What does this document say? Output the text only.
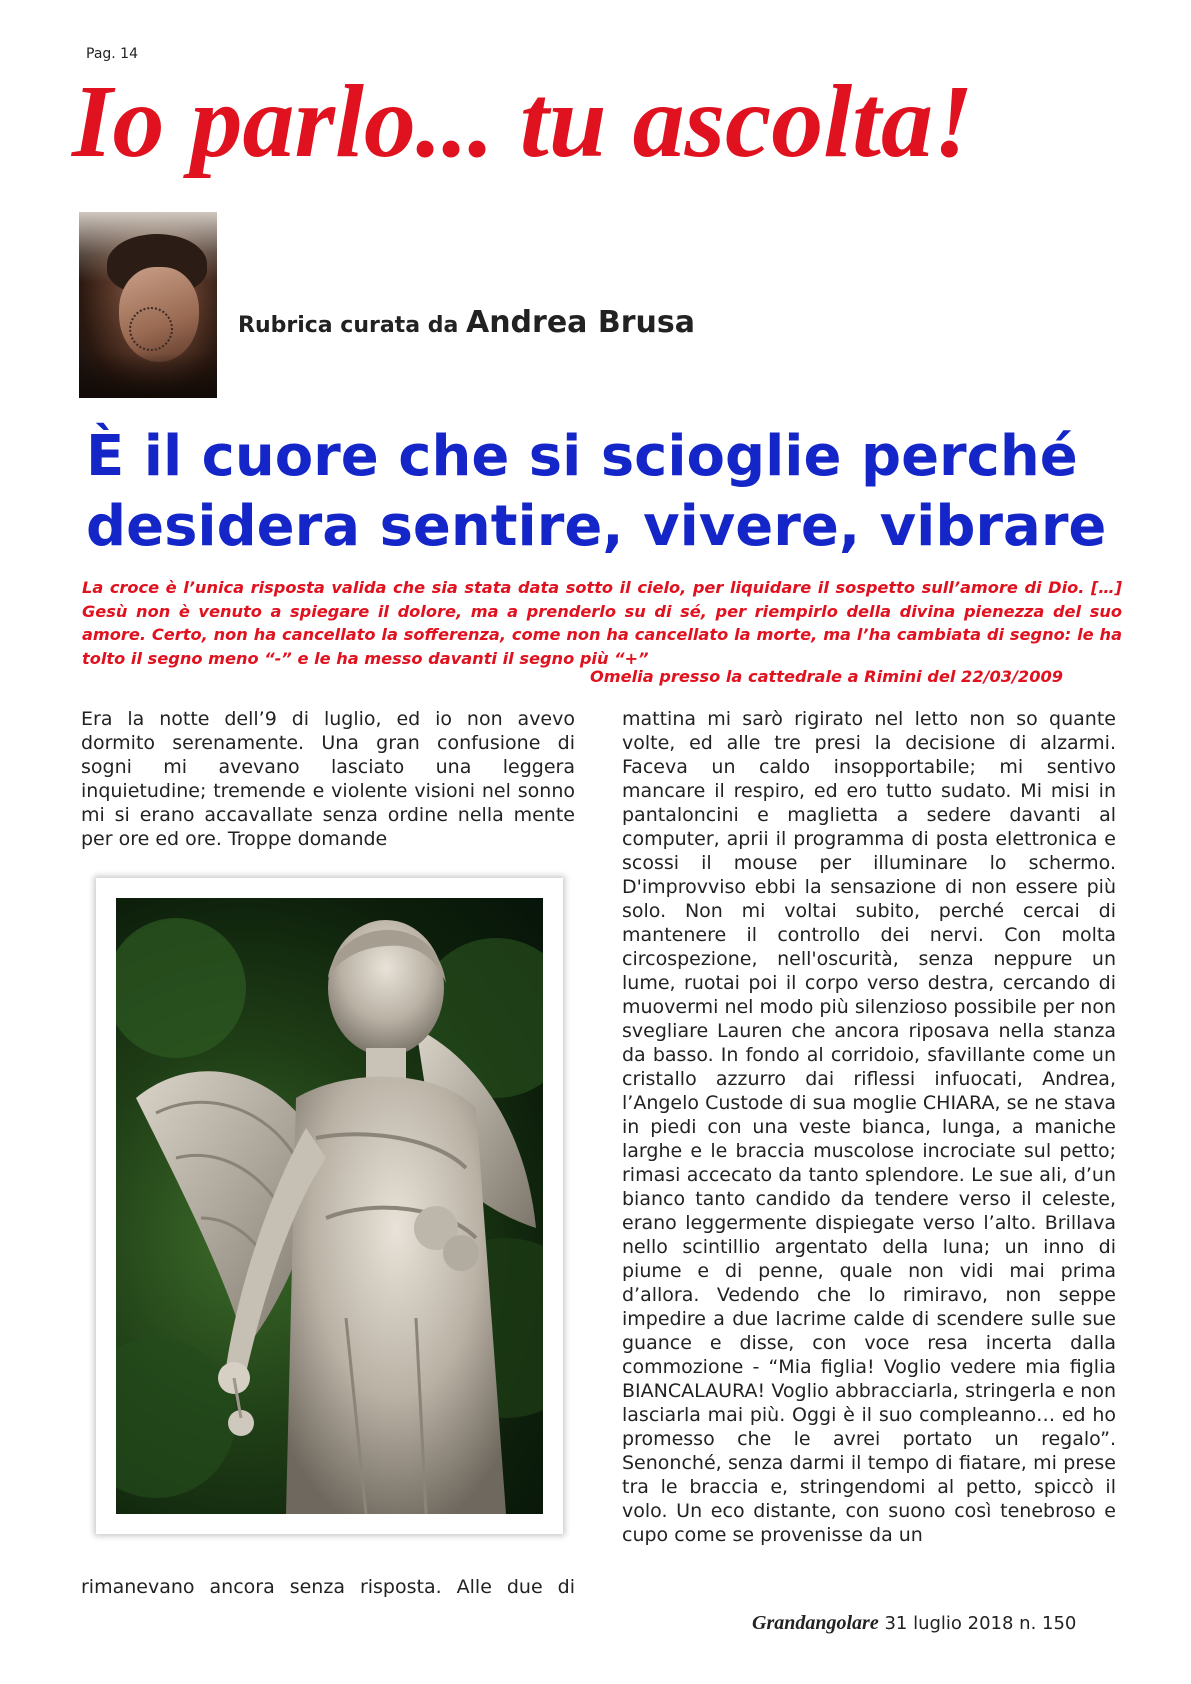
Pag. 14
Io parlo... tu ascolta!
Rubrica curata da Andrea Brusa
È il cuore che si scioglie perché
desidera sentire, vivere, vibrare

La croce è l’unica risposta valida che sia stata data sotto il cielo, per liquidare il sospetto sull’amore di Dio. […] Gesù non è venuto a spiegare il dolore, ma a prenderlo su di sé, per riempirlo della divina pienezza del suo amore. Certo, non ha cancellato la sofferenza, come non ha cancellato la morte, ma l’ha cambiata di segno: le ha tolto il segno meno “-” e le ha messo davanti il segno più “+”

Omelia presso la cattedrale a Rimini del 22/03/2009

Era la notte dell’9 di luglio, ed io non avevo dormito serenamente. Una gran confusione di sogni mi avevano lasciato una leggera inquietudine; tremende e violente visioni nel sonno mi si erano accavallate senza ordine nella mente per ore ed ore. Troppe domande

rimanevano ancora senza risposta. Alle due di

mattina mi sarò rigirato nel letto non so quante volte, ed alle tre presi la decisione di alzarmi. Faceva un caldo insopportabile; mi sentivo mancare il respiro, ed ero tutto sudato. Mi misi in pantaloncini e maglietta a sedere davanti al computer, aprii il programma di posta elettronica e scossi il mouse per illuminare lo schermo. D'improvviso ebbi la sensazione di non essere più solo. Non mi voltai subito, perché cercai di mantenere il controllo dei nervi. Con molta circospezione, nell'oscurità, senza neppure un lume, ruotai poi il corpo verso destra, cercando di muovermi nel modo più silenzioso possibile per non svegliare Lauren che ancora riposava nella stanza da basso. In fondo al corridoio, sfavillante come un cristallo azzurro dai riflessi infuocati, Andrea, l’Angelo Custode di sua moglie CHIARA, se ne stava in piedi con una veste bianca, lunga, a maniche larghe e le braccia muscolose incrociate sul petto; rimasi accecato da tanto splendore. Le sue ali, d’un bianco tanto candido da tendere verso il celeste, erano leggermente dispiegate verso l’alto. Brillava nello scintillio argentato della luna; un inno di piume e di penne, quale non vidi mai prima d’allora. Vedendo che lo rimiravo, non seppe impedire a due lacrime calde di scendere sulle sue guance e disse, con voce resa incerta dalla commozione - “Mia figlia! Voglio vedere mia figlia BIANCALAURA! Voglio abbracciarla, stringerla e non lasciarla mai più. Oggi è il suo compleanno… ed ho promesso che le avrei portato un regalo”. Senonché, senza darmi il tempo di fiatare, mi prese tra le braccia e, stringendomi al petto, spiccò il volo. Un eco distante, con suono così tenebroso e cupo come se provenisse da un

Grandangolare 31 luglio 2018 n. 150
